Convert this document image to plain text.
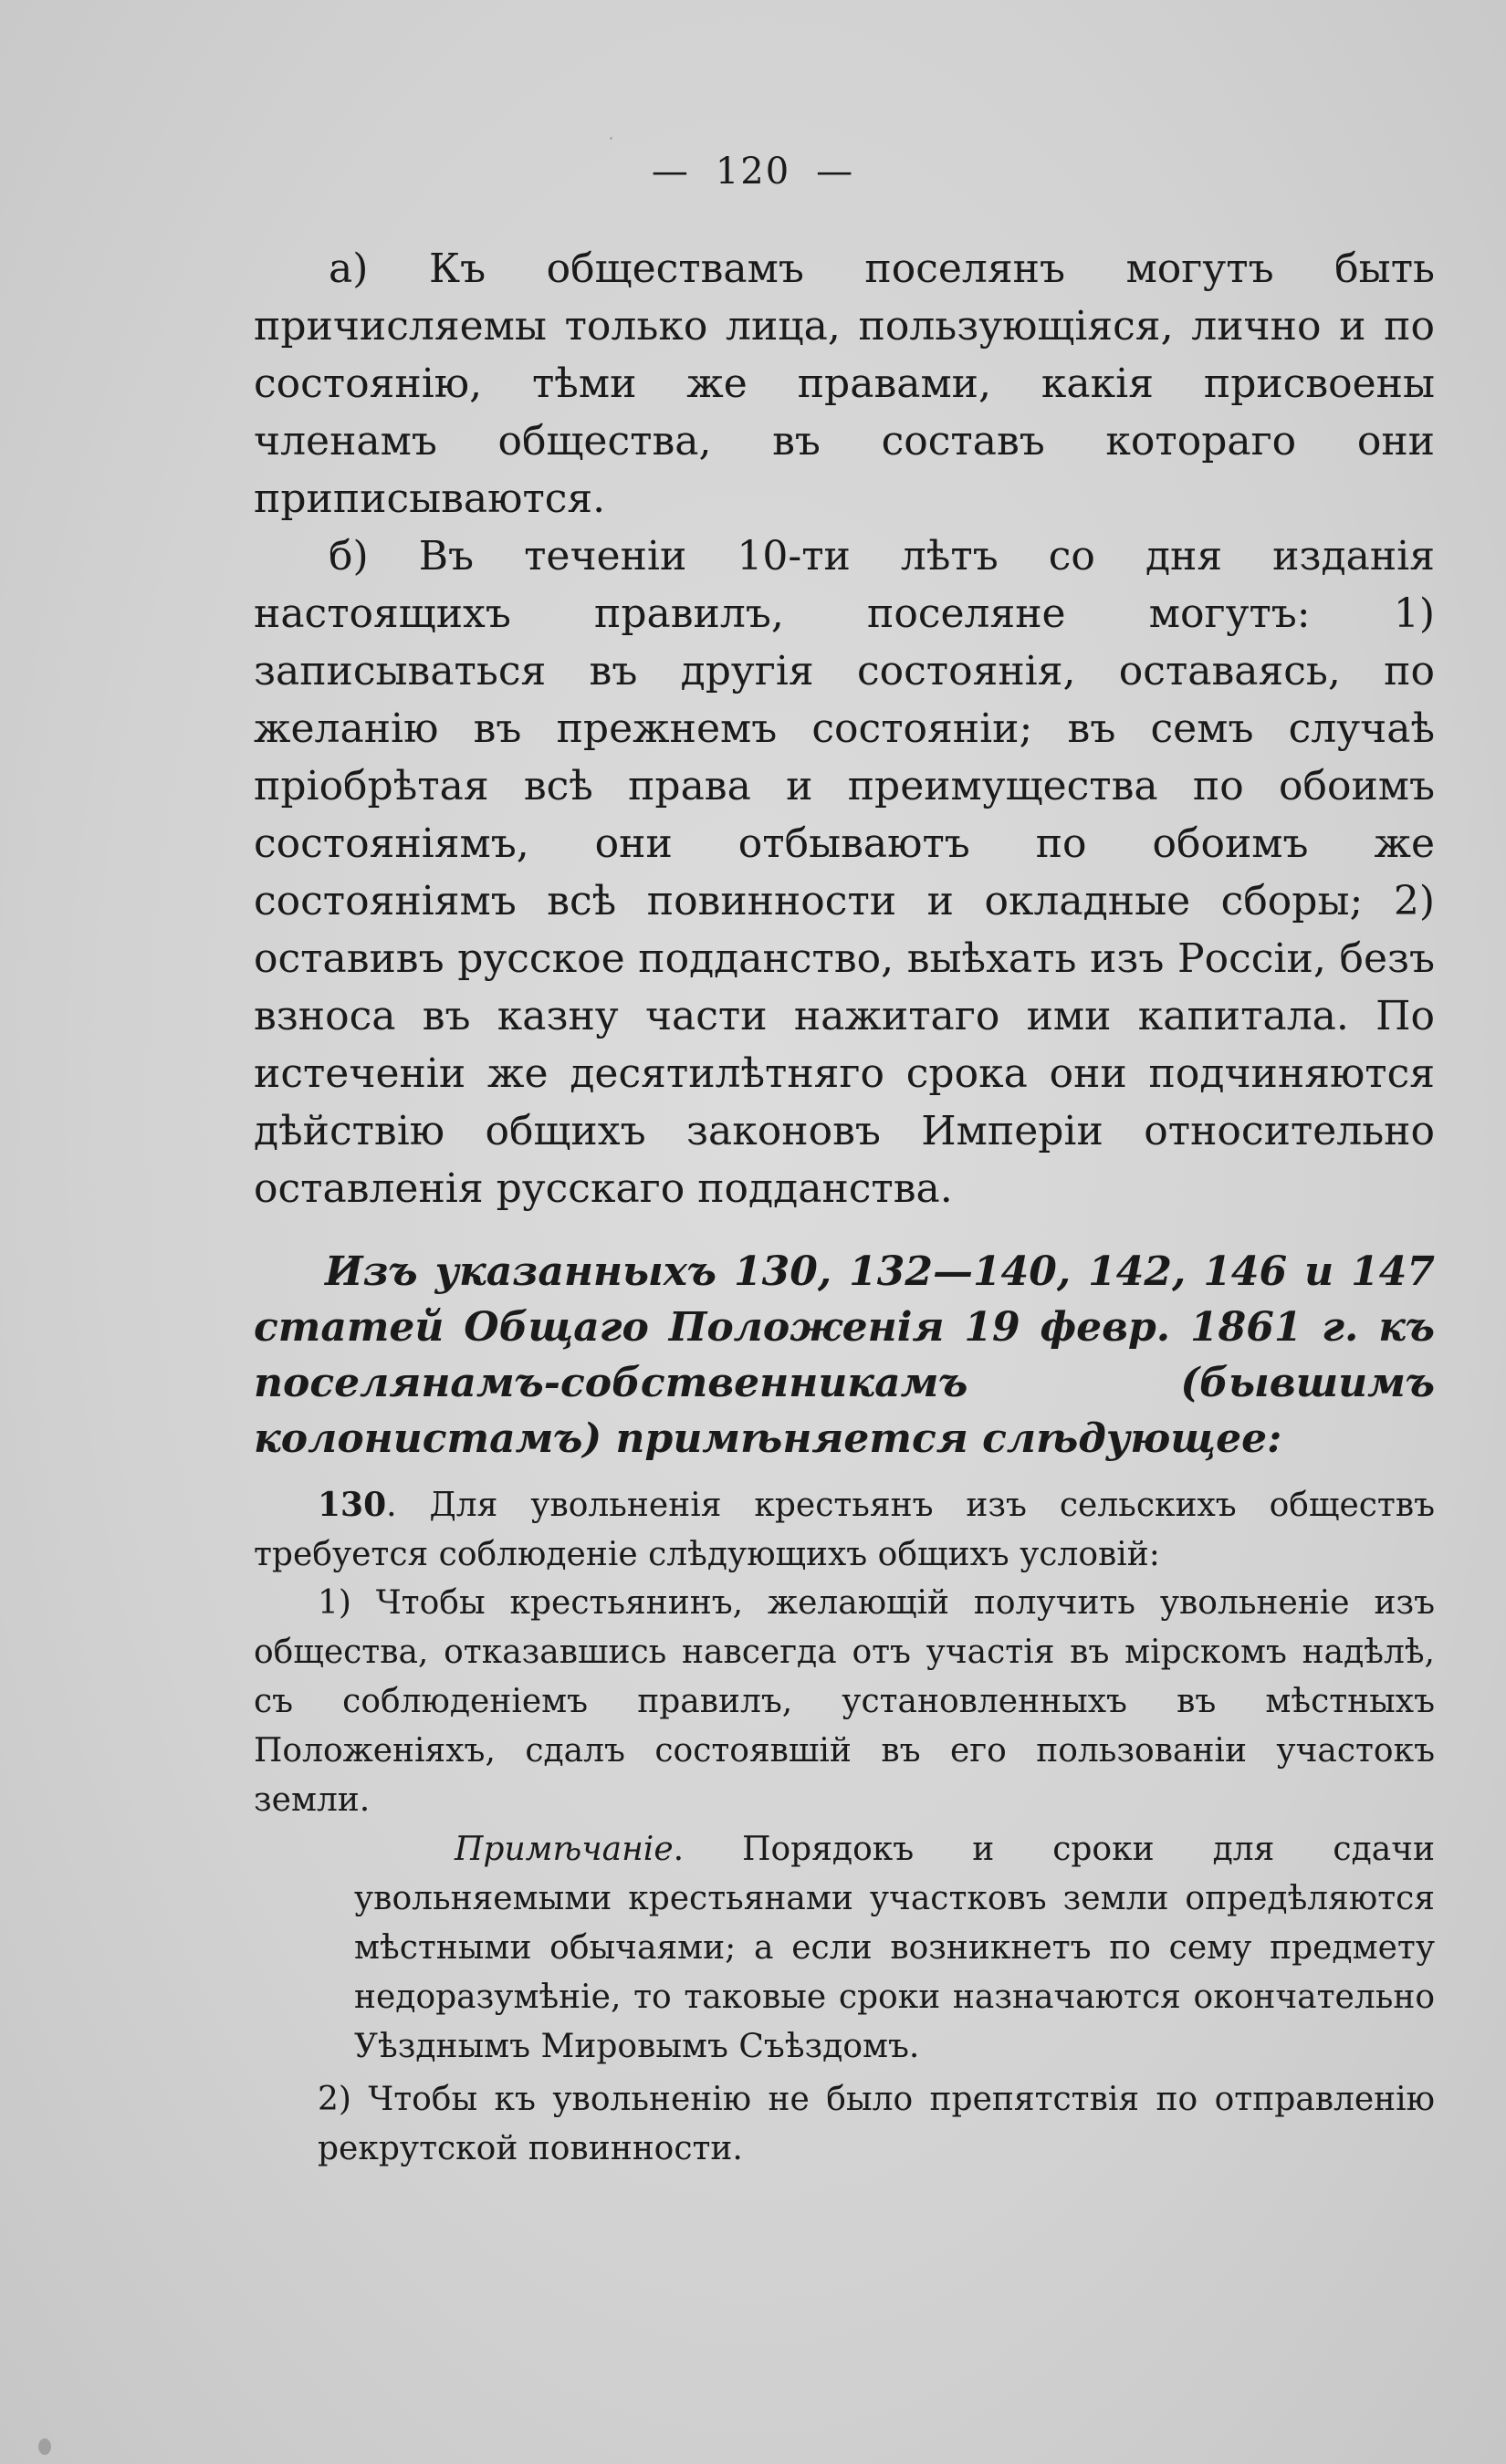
— 120 —

а) Къ обществамъ поселянъ могутъ быть причисляемы только лица, пользующіяся, лично и по состоянію, тѣми же правами, какія присвоены членамъ общества, въ составъ котораго они приписываются.

б) Въ теченіи 10-ти лѣтъ со дня изданія настоящихъ правилъ, поселяне могутъ: 1) записываться въ другія состоянія, оставаясь, по желанію въ прежнемъ состояніи; въ семъ случаѣ пріобрѣтая всѣ права и преимущества по обоимъ состояніямъ, они отбываютъ по обоимъ же состояніямъ всѣ повинности и окладные сборы; 2) оставивъ русское подданство, выѣхать изъ Россіи, безъ взноса въ казну части нажитаго ими капитала. По истеченіи же десятилѣтняго срока они подчиняются дѣйствію общихъ законовъ Имперіи относительно оставленія русскаго подданства.

Изъ указанныхъ 130, 132—140, 142, 146 и 147 статей Общаго Положенія 19 февр. 1861 г. къ поселянамъ-собственникамъ (бывшимъ колонистамъ) примѣняется слѣдующее:

130. Для увольненія крестьянъ изъ сельскихъ обществъ требуется соблюденіе слѣдующихъ общихъ условій:

1) Чтобы крестьянинъ, желающій получить увольненіе изъ общества, отказавшись навсегда отъ участія въ мірскомъ надѣлѣ, съ соблюденіемъ правилъ, установленныхъ въ мѣстныхъ Положеніяхъ, сдалъ состоявшій въ его пользованіи участокъ земли.

Примѣчаніе. Порядокъ и сроки для сдачи увольняемыми крестьянами участковъ земли опредѣляются мѣстными обычаями; а если возникнетъ по сему предмету недоразумѣніе, то таковые сроки назначаются окончательно Уѣзднымъ Мировымъ Съѣздомъ.

2) Чтобы къ увольненію не было препятствія по отправленію рекрутской повинности.
